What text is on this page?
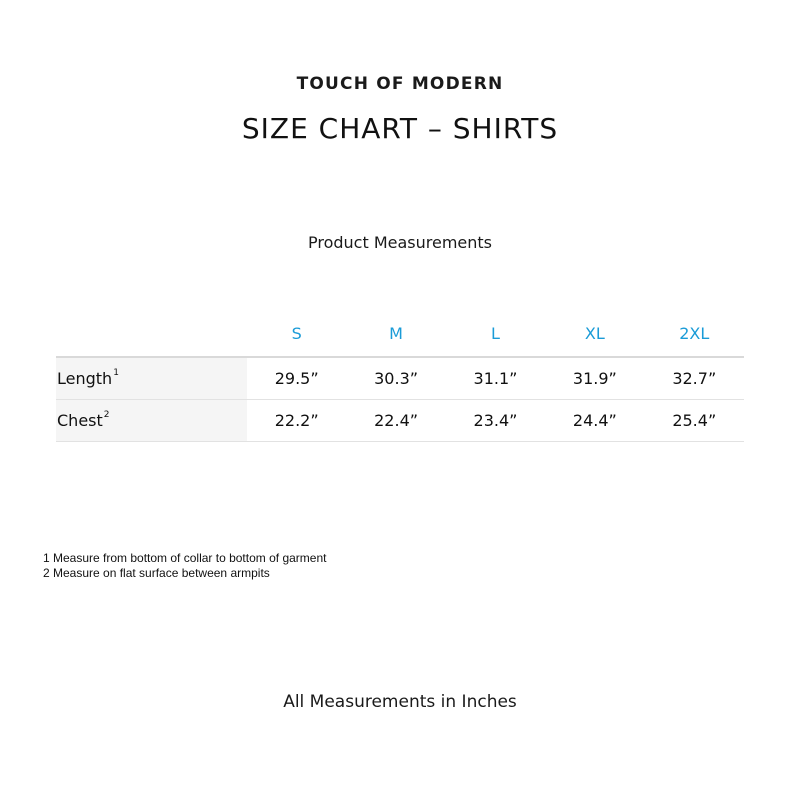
TOUCH OF MODERN
SIZE CHART – SHIRTS
Product Measurements
	S	M	L	XL	2XL
Length$^1$	29.5”	30.3”	31.1”	31.9”	32.7”
Chest$^2$	22.2”	22.4”	23.4”	24.4”	25.4”
1 Measure from bottom of collar to bottom of garment
2 Measure on flat surface between armpits
All Measurements in Inches
